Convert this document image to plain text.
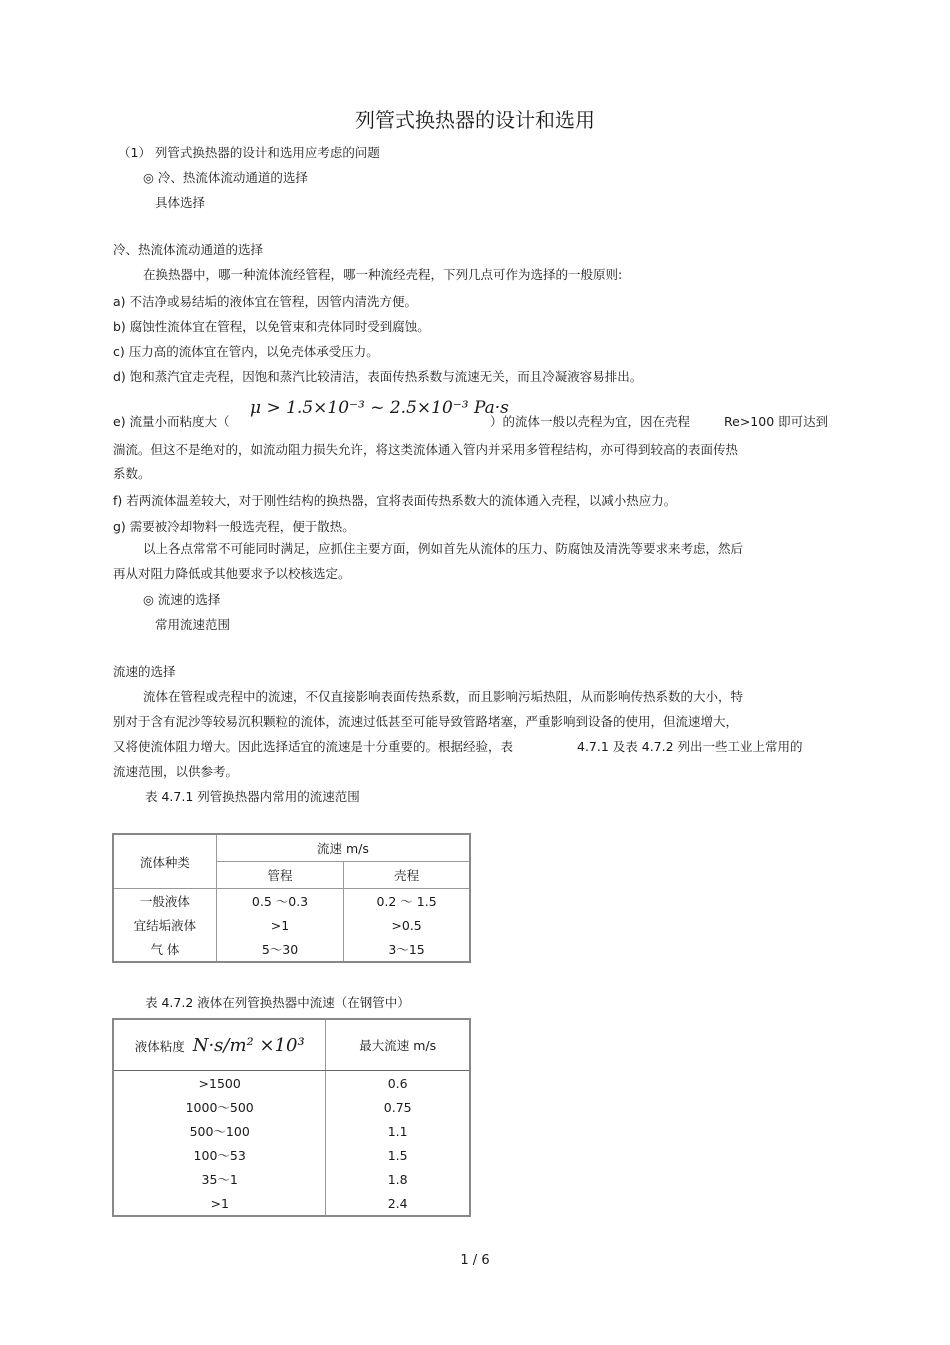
列管式换热器的设计和选用
（1） 列管式换热器的设计和选用应考虑的问题
◎ 冷、热流体流动通道的选择
具体选择
冷、热流体流动通道的选择
在换热器中，哪一种流体流经管程，哪一种流经壳程，下列几点可作为选择的一般原则:
a) 不洁净或易结垢的液体宜在管程，因管内清洗方便。
b) 腐蚀性流体宜在管程，以免管束和壳体同时受到腐蚀。
c) 压力高的流体宜在管内，以免壳体承受压力。
d) 饱和蒸汽宜走壳程，因饱和蒸汽比较清洁，表面传热系数与流速无关，而且冷凝液容易排出。
e) 流量小而粘度大（
μ > 1.5×10⁻³ ~ 2.5×10⁻³ Pa·s
）的流体一般以壳程为宜，因在壳程	Re>100 即可达到
湍流。但这不是绝对的，如流动阻力损失允许，将这类流体通入管内并采用多管程结构，亦可得到较高的表面传热
系数。
f) 若两流体温差较大，对于刚性结构的换热器，宜将表面传热系数大的流体通入壳程，以减小热应力。
g) 需要被冷却物料一般选壳程，便于散热。
以上各点常常不可能同时满足，应抓住主要方面，例如首先从流体的压力、防腐蚀及清洗等要求来考虑，然后
再从对阻力降低或其他要求予以校核选定。
◎ 流速的选择
常用流速范围
流速的选择
流体在管程或壳程中的流速，不仅直接影响表面传热系数，而且影响污垢热阻，从而影响传热系数的大小，特
别对于含有泥沙等较易沉积颗粒的流体，流速过低甚至可能导致管路堵塞，严重影响到设备的使用，但流速增大，
又将使流体阻力增大。因此选择适宜的流速是十分重要的。根据经验，表	4.7.1 及表 4.7.2 列出一些工业上常用的
流速范围，以供参考。
表 4.7.1 列管换热器内常用的流速范围
流体种类	流速 m/s	
	管程	壳程
一般液体	0.5 ～0.3	0.2 ～ 1.5
宜结垢液体	>1	>0.5
气 体	5～30	3～15
表 4.7.2 液体在列管换热器中流速（在钢管中）
液体粘度 N·s/m² ×10³	最大流速 m/s
>1500	0.6
1000～500	0.75
500～100	1.1
100～53	1.5
35～1	1.8
>1	2.4
1 / 6
